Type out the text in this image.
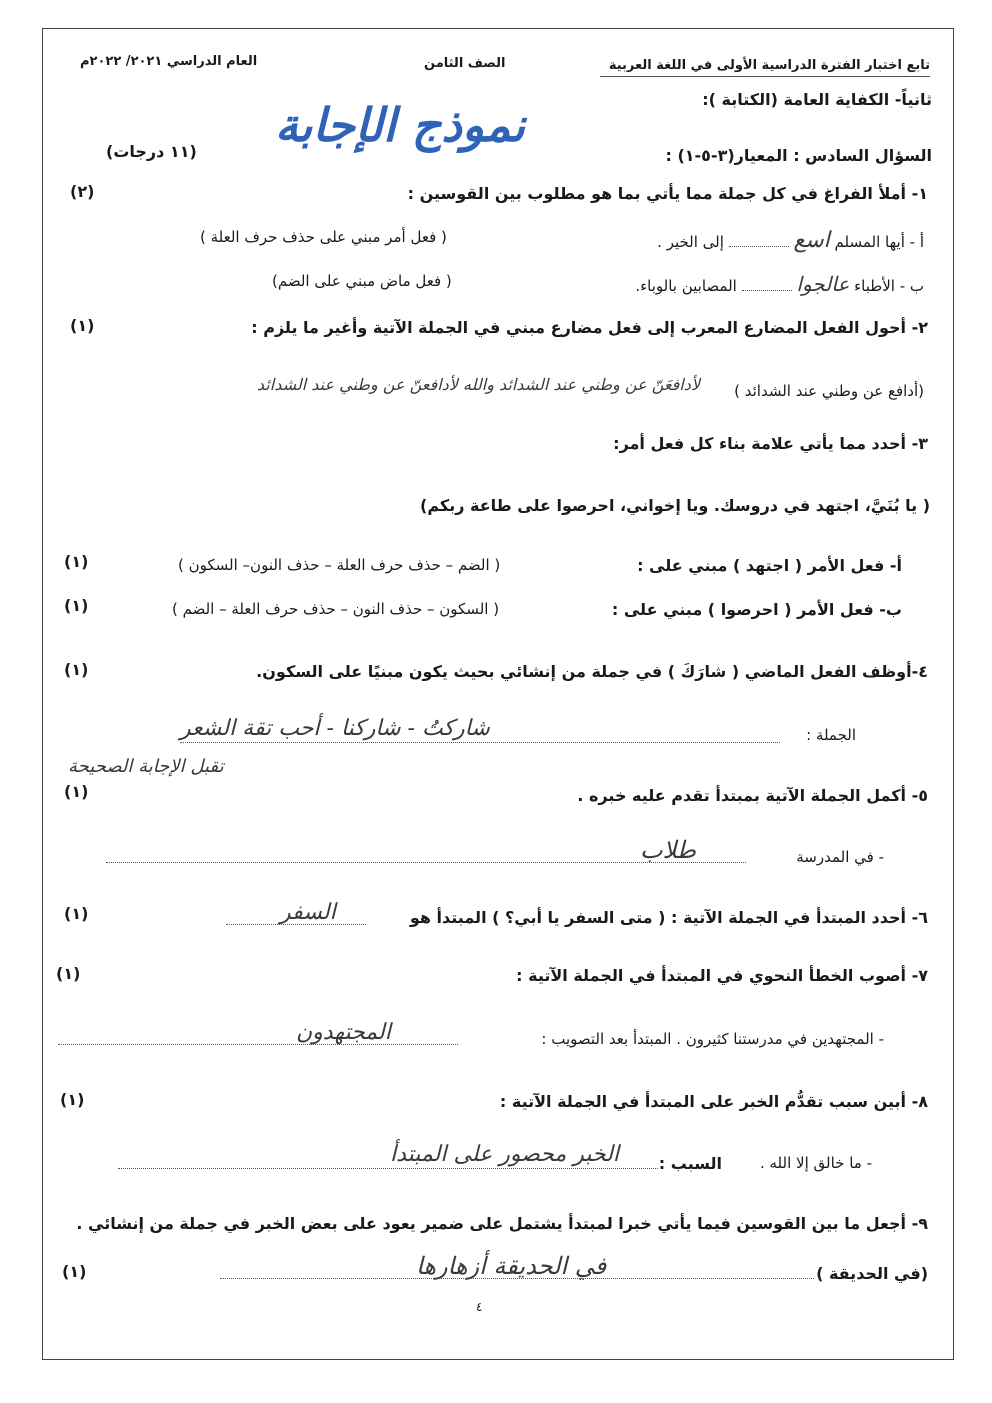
تابع اختبار الفترة الدراسية الأولى في اللغة العربية
الصف الثامن
العام الدراسي ٢٠٢١/ ٢٠٢٢م
ثانياً- الكفاية العامة (الكتابة ):
نموذج الإجابة
السؤال السادس : المعيار(٣-٥-١) :
(١١ درجات)
١- أملأ الفراغ في كل جملة مما يأتي بما هو مطلوب بين القوسين :
(٢)
أ - أيها المسلم اسع  إلى الخير .
( فعل أمر مبني على حذف حرف العلة )
ب - الأطباء عالجوا  المصابين بالوباء.
( فعل ماض مبني على الضم)
٢- أحول الفعل المضارع المعرب إلى فعل مضارع مبني في الجملة الآتية وأغير ما يلزم :
(١)
(أدافع عن وطني عند الشدائد )
لأدافعَنّ عن وطني عند الشدائد والله لأدافعنّ عن وطني عند الشدائد
٣- أحدد مما يأتي علامة بناء كل فعل أمر:
( يا بُنَيَّ، اجتهد في دروسك. ويا إخواني، احرصوا على طاعة ربكم)
أ- فعل الأمر ( اجتهد ) مبني على :
( الضم – حذف حرف العلة – حذف النون– السكون )
(١)
ب- فعل الأمر ( احرصوا ) مبني على :
( السكون – حذف النون – حذف حرف العلة – الضم )
(١)
٤-أوظف الفعل الماضي ( شارَكَ ) في جملة من إنشائي بحيث يكون مبنيًا على السكون.
(١)
الجملة :
شاركتُ - شاركنا - أحب تقة الشعر
تقبل الإجابة الصحيحة
٥- أكمل الجملة الآتية بمبتدأ تقدم عليه خبره .
(١)
- في المدرسة
طلاب
٦- أحدد المبتدأ في الجملة الآتية : ( متى السفر يا أبي؟ ) المبتدأ هو
السفر
(١)
٧- أصوب الخطأ النحوي في المبتدأ في الجملة الآتية :
(١)
- المجتهدين في مدرستنا كثيرون . المبتدأ بعد التصويب :
المجتهدون
٨- أبين سبب تقدُّم الخبر على المبتدأ في الجملة الآتية :
(١)
- ما خالق إلا الله .
السبب :
الخبر محصور على المبتدأ
٩- أجعل ما بين القوسين فيما يأتي خبرا لمبتدأ يشتمل على ضمير يعود على بعض الخبر في جملة من إنشائي .
(في الحديقة )
في الحديقة أزهارها
(١)
٤
